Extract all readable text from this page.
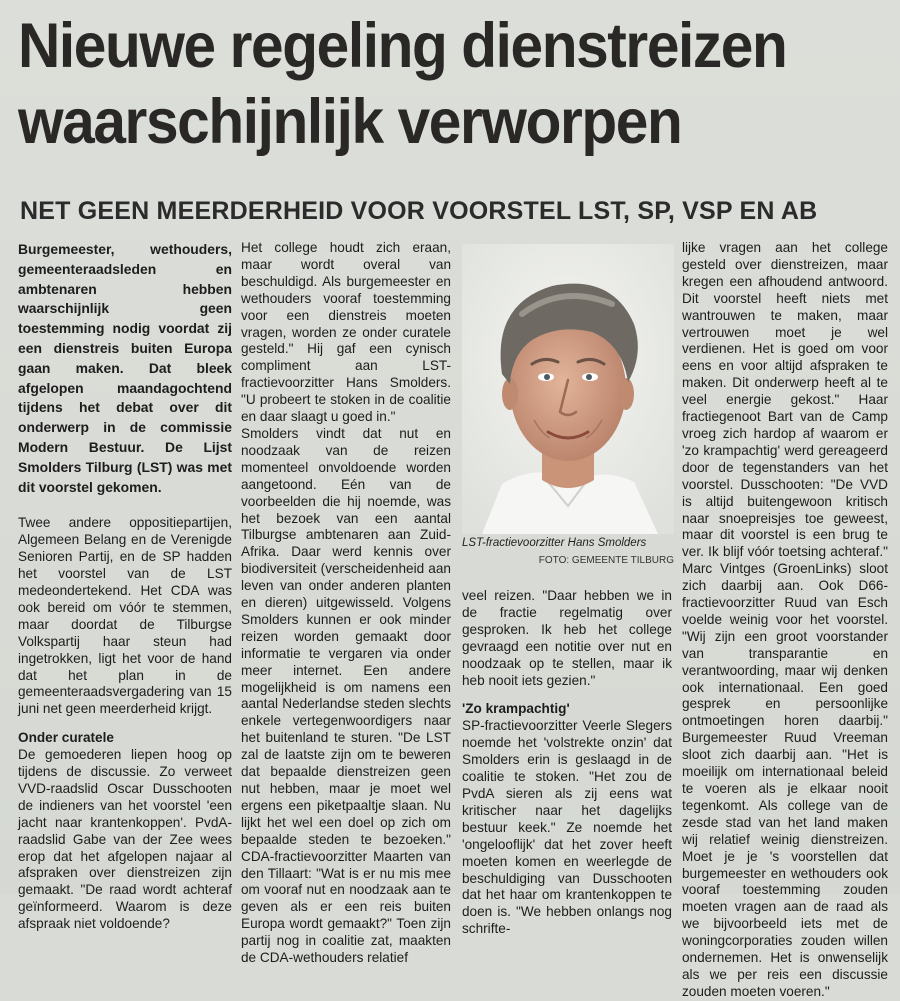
Nieuwe regeling dienstreizen
waarschijnlijk verworpen
NET GEEN MEERDERHEID VOOR VOORSTEL LST, SP, VSP EN AB

Burgemeester, wethouders, gemeenteraadsleden en ambtenaren hebben waarschijnlijk geen toestemming nodig voordat zij een dienstreis buiten Europa gaan maken. Dat bleek afgelopen maandagochtend tijdens het debat over dit onderwerp in de commissie Modern Bestuur. De Lijst Smolders Tilburg (LST) was met dit voorstel gekomen.

Twee andere oppositiepartijen, Algemeen Belang en de Verenigde Senioren Partij, en de SP hadden het voorstel van de LST medeondertekend. Het CDA was ook bereid om vóór te stemmen, maar doordat de Tilburgse Volkspartij haar steun had ingetrokken, ligt het voor de hand dat het plan in de gemeenteraadsvergadering van 15 juni net geen meerderheid krijgt.

Onder curatele

De gemoederen liepen hoog op tijdens de discussie. Zo verweet VVD-raadslid Oscar Dusschooten de indieners van het voorstel 'een jacht naar krantenkoppen'. PvdA-raadslid Gabe van der Zee wees erop dat het afgelopen najaar al afspraken over dienstreizen zijn gemaakt. "De raad wordt achteraf geïnformeerd. Waarom is deze afspraak niet voldoende?

Het college houdt zich eraan, maar wordt overal van beschuldigd. Als burgemeester en wethouders vooraf toestemming voor een dienstreis moeten vragen, worden ze onder curatele gesteld." Hij gaf een cynisch compliment aan LST-fractievoorzitter Hans Smolders. "U probeert te stoken in de coalitie en daar slaagt u goed in."

Smolders vindt dat nut en noodzaak van de reizen momenteel onvoldoende worden aangetoond. Eén van de voorbeelden die hij noemde, was het bezoek van een aantal Tilburgse ambtenaren aan Zuid-Afrika. Daar werd kennis over biodiversiteit (verscheidenheid aan leven van onder anderen planten en dieren) uitgewisseld. Volgens Smolders kunnen er ook minder reizen worden gemaakt door informatie te vergaren via onder meer internet. Een andere mogelijkheid is om namens een aantal Nederlandse steden slechts enkele vertegenwoordigers naar het buitenland te sturen. "De LST zal de laatste zijn om te beweren dat bepaalde dienstreizen geen nut hebben, maar je moet wel ergens een piketpaaltje slaan. Nu lijkt het wel een doel op zich om bepaalde steden te bezoeken." CDA-fractievoorzitter Maarten van den Tillaart: "Wat is er nu mis mee om vooraf nut en noodzaak aan te geven als er een reis buiten Europa wordt gemaakt?" Toen zijn partij nog in coalitie zat, maakten de CDA-wethouders relatief

LST-fractievoorzitter Hans Smolders
FOTO: GEMEENTE TILBURG

veel reizen. "Daar hebben we in de fractie regelmatig over gesproken. Ik heb het college gevraagd een notitie over nut en noodzaak op te stellen, maar ik heb nooit iets gezien."

'Zo krampachtig'

SP-fractievoorzitter Veerle Slegers noemde het 'volstrekte onzin' dat Smolders erin is geslaagd in de coalitie te stoken. "Het zou de PvdA sieren als zij eens wat kritischer naar het dagelijks bestuur keek." Ze noemde het 'ongelooflijk' dat het zover heeft moeten komen en weerlegde de beschuldiging van Dusschooten dat het haar om krantenkoppen te doen is. "We hebben onlangs nog schrifte-

lijke vragen aan het college gesteld over dienstreizen, maar kregen een afhoudend antwoord. Dit voorstel heeft niets met wantrouwen te maken, maar vertrouwen moet je wel verdienen. Het is goed om voor eens en voor altijd afspraken te maken. Dit onderwerp heeft al te veel energie gekost." Haar fractiegenoot Bart van de Camp vroeg zich hardop af waarom er 'zo krampachtig' werd gereageerd door de tegenstanders van het voorstel. Dusschooten: "De VVD is altijd buitengewoon kritisch naar snoepreisjes toe geweest, maar dit voorstel is een brug te ver. Ik blijf vóór toetsing achteraf." Marc Vintges (GroenLinks) sloot zich daarbij aan. Ook D66-fractievoorzitter Ruud van Esch voelde weinig voor het voorstel. "Wij zijn een groot voorstander van transparantie en verantwoording, maar wij denken ook internationaal. Een goed gesprek en persoonlijke ontmoetingen horen daarbij." Burgemeester Ruud Vreeman sloot zich daarbij aan. "Het is moeilijk om internationaal beleid te voeren als je elkaar nooit tegenkomt. Als college van de zesde stad van het land maken wij relatief weinig dienstreizen. Moet je je 's voorstellen dat burgemeester en wethouders ook vooraf toestemming zouden moeten vragen aan de raad als we bijvoorbeeld iets met de woningcorporaties zouden willen ondernemen. Het is onwenselijk als we per reis een discussie zouden moeten voeren."
